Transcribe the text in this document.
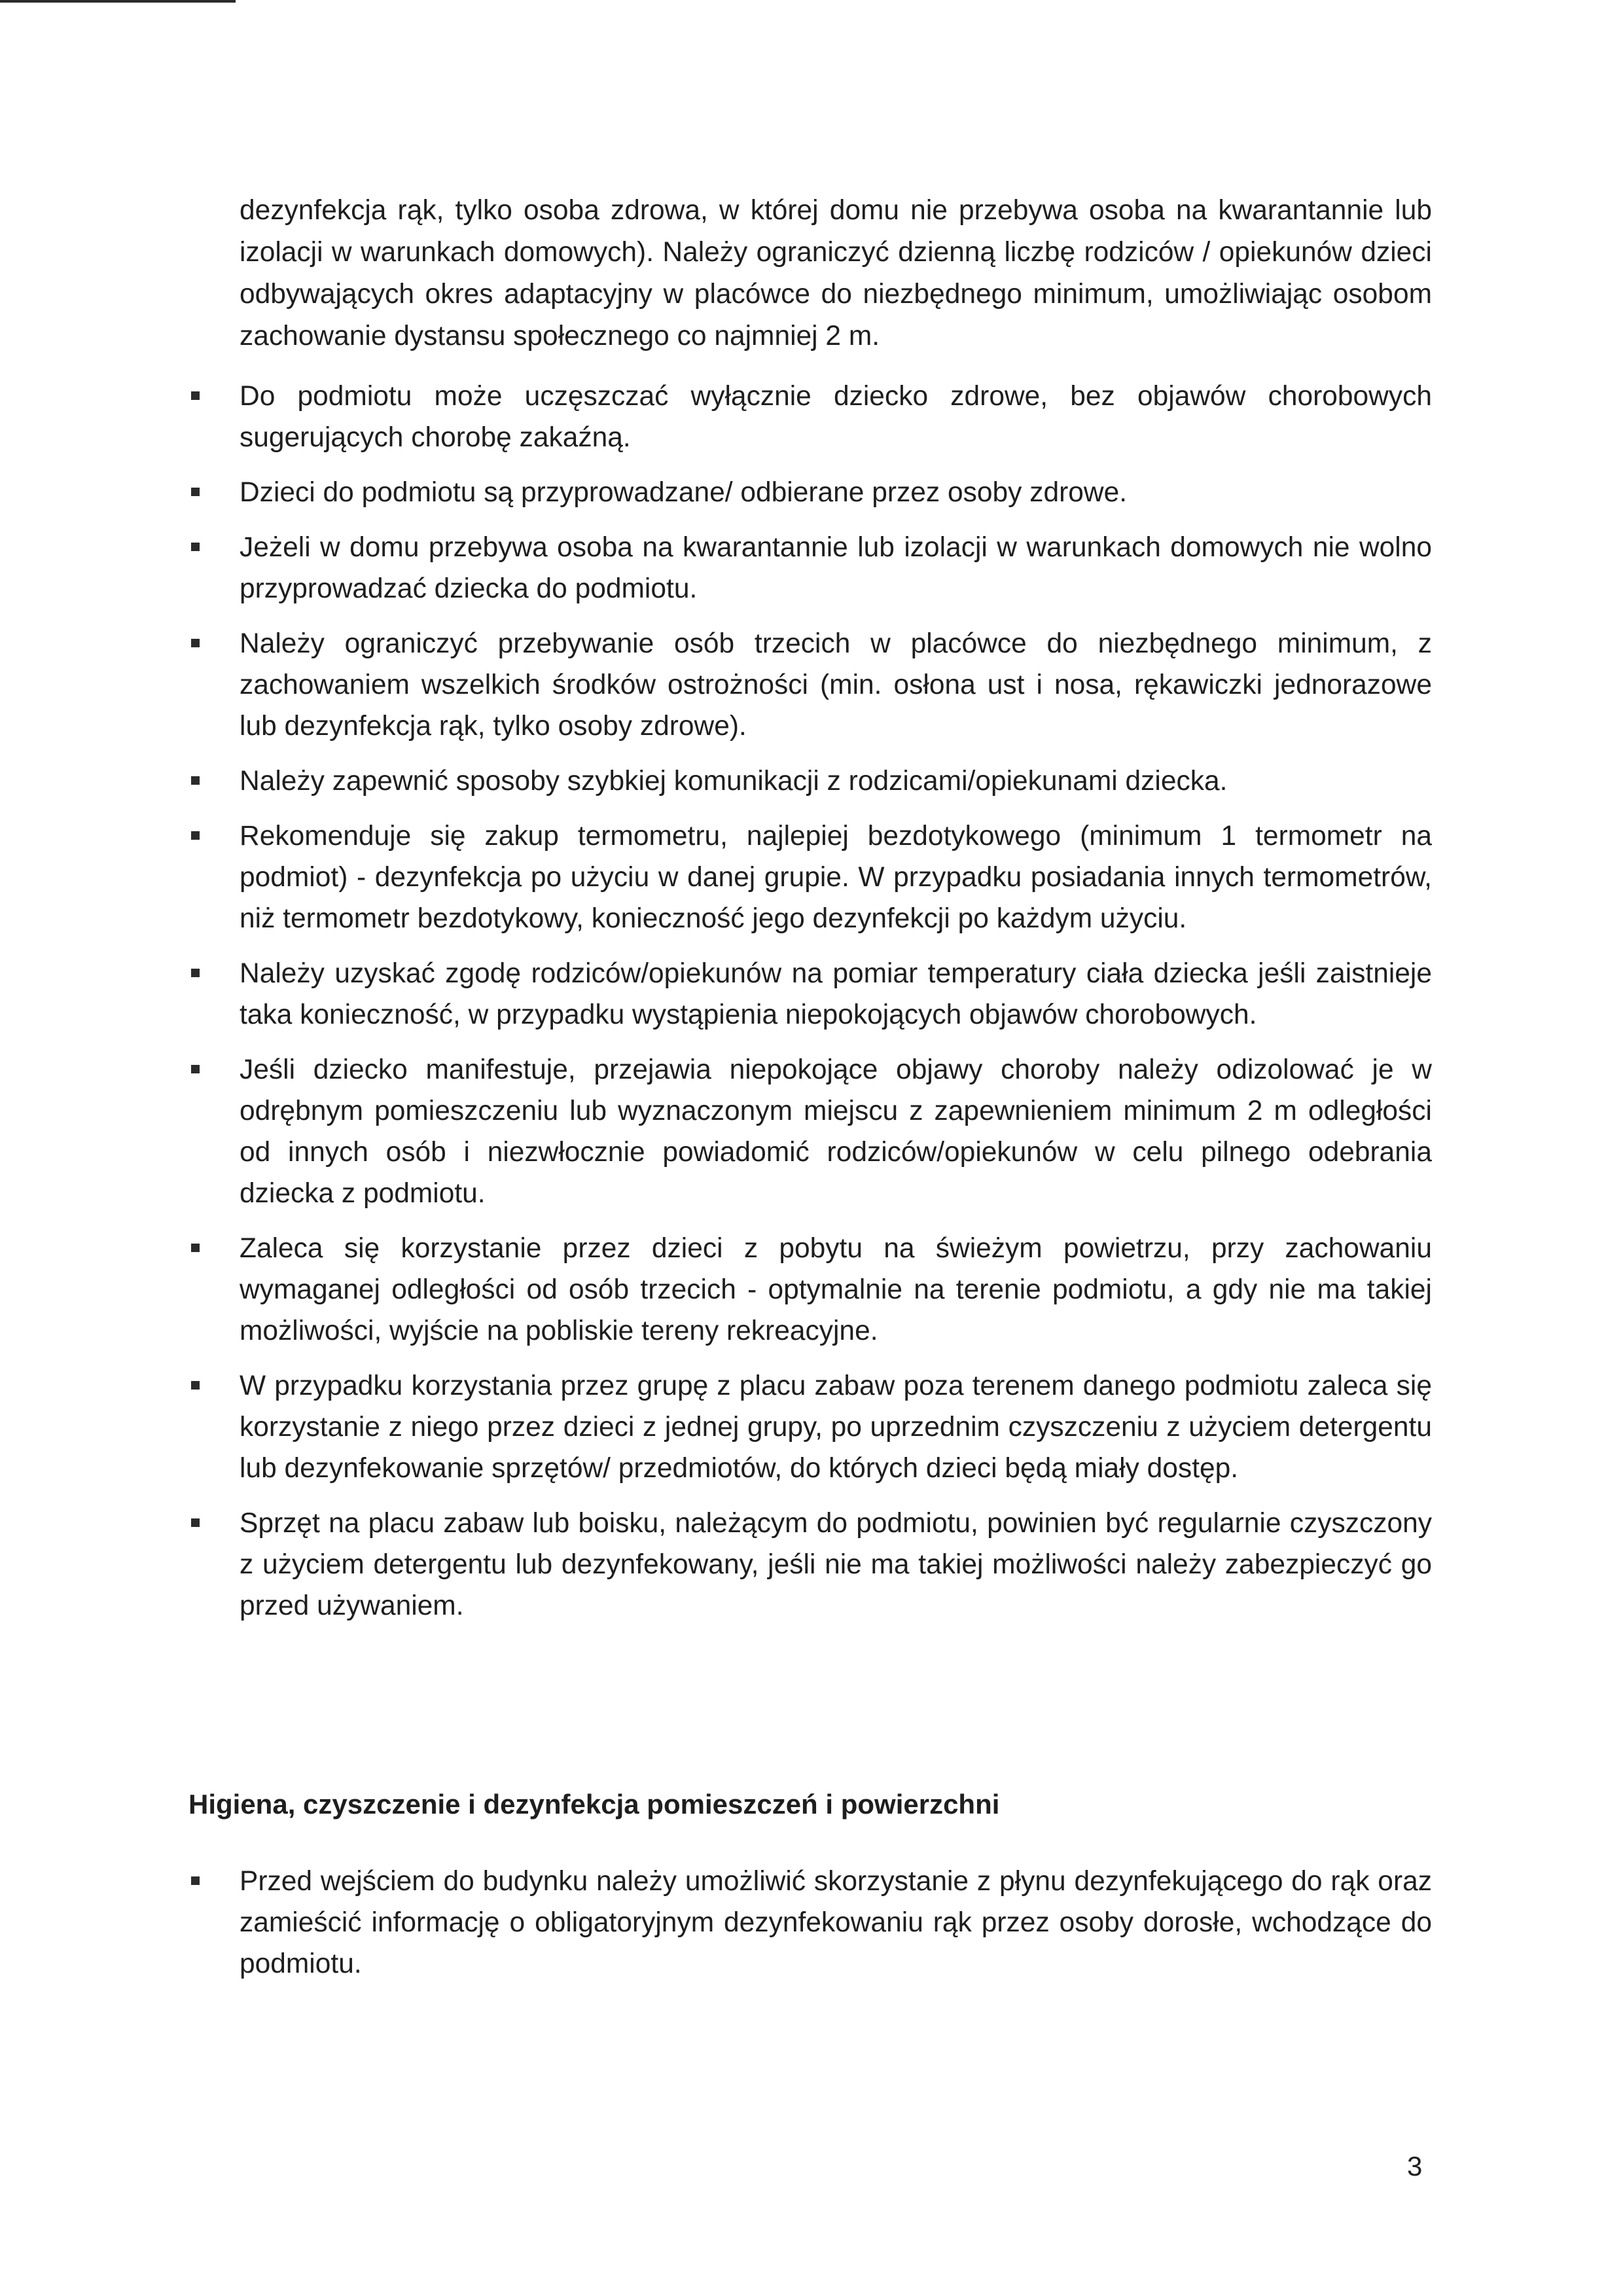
dezynfekcja rąk, tylko osoba zdrowa, w której domu nie przebywa osoba na kwarantannie lub izolacji w warunkach domowych). Należy ograniczyć dzienną liczbę rodziców / opiekunów dzieci odbywających okres adaptacyjny w placówce do niezbędnego minimum, umożliwiając osobom zachowanie dystansu społecznego co najmniej 2 m.

Do podmiotu może uczęszczać wyłącznie dziecko zdrowe, bez objawów chorobowych sugerujących chorobę zakaźną.
Dzieci do podmiotu są przyprowadzane/ odbierane przez osoby zdrowe.
Jeżeli w domu przebywa osoba na kwarantannie lub izolacji w warunkach domowych nie wolno przyprowadzać dziecka do podmiotu.
Należy ograniczyć przebywanie osób trzecich w placówce do niezbędnego minimum, z zachowaniem wszelkich środków ostrożności (min. osłona ust i nosa, rękawiczki jednorazowe lub dezynfekcja rąk, tylko osoby zdrowe).
Należy zapewnić sposoby szybkiej komunikacji z rodzicami/opiekunami dziecka.
Rekomenduje się zakup termometru, najlepiej bezdotykowego (minimum 1 termometr na podmiot) - dezynfekcja po użyciu w danej grupie. W przypadku posiadania innych termometrów, niż termometr bezdotykowy, konieczność jego dezynfekcji po każdym użyciu.
Należy uzyskać zgodę rodziców/opiekunów na pomiar temperatury ciała dziecka jeśli zaistnieje taka konieczność, w przypadku wystąpienia niepokojących objawów chorobowych.
Jeśli dziecko manifestuje, przejawia niepokojące objawy choroby należy odizolować je w odrębnym pomieszczeniu lub wyznaczonym miejscu z zapewnieniem minimum 2 m odległości od innych osób i niezwłocznie powiadomić rodziców/opiekunów w celu pilnego odebrania dziecka z podmiotu.
Zaleca się korzystanie przez dzieci z pobytu na świeżym powietrzu, przy zachowaniu wymaganej odległości od osób trzecich - optymalnie na terenie podmiotu, a gdy nie ma takiej możliwości, wyjście na pobliskie tereny rekreacyjne.
W przypadku korzystania przez grupę z placu zabaw poza terenem danego podmiotu zaleca się korzystanie z niego przez dzieci z jednej grupy, po uprzednim czyszczeniu z użyciem detergentu lub dezynfekowanie sprzętów/ przedmiotów, do których dzieci będą miały dostęp.
Sprzęt na placu zabaw lub boisku, należącym do podmiotu, powinien być regularnie czyszczony z użyciem detergentu lub dezynfekowany, jeśli nie ma takiej możliwości należy zabezpieczyć go przed używaniem.
Higiena, czyszczenie i dezynfekcja pomieszczeń i powierzchni
Przed wejściem do budynku należy umożliwić skorzystanie z płynu dezynfekującego do rąk oraz zamieścić informację o obligatoryjnym dezynfekowaniu rąk przez osoby dorosłe, wchodzące do podmiotu.
3
